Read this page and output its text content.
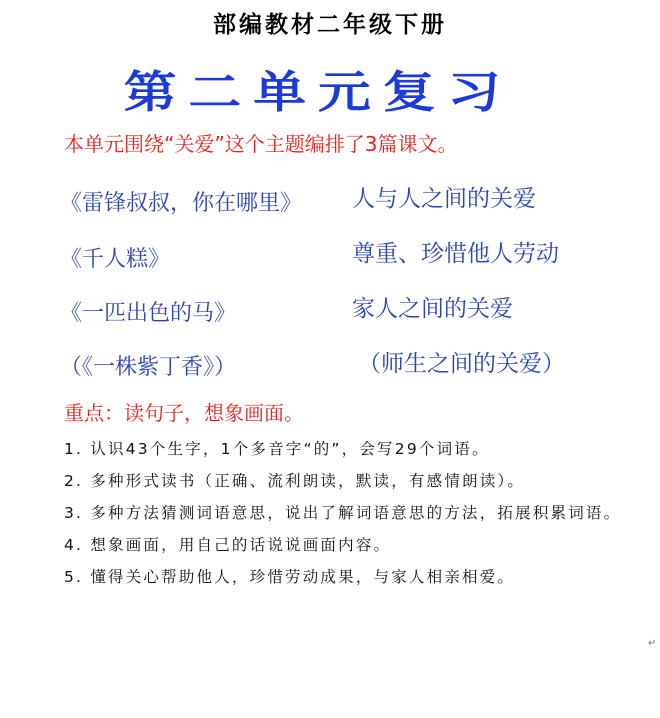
部编教材二年级下册
第二单元复习
本单元围绕“关爱”这个主题编排了3篇课文。
《雷锋叔叔，你在哪里》 人与人之间的关爱
《千人糕》	尊重、珍惜他人劳动
《一匹出色的马》	家人之间的关爱
（《一株紫丁香》）	（师生之间的关爱）
重点：读句子，想象画面。
1. 认识43个生字，1个多音字“的”，会写29个词语。
2. 多种形式读书（正确、流利朗读，默读，有感情朗读）。
3. 多种方法猜测词语意思，说出了解词语意思的方法，拓展积累词语。
4. 想象画面，用自己的话说说画面内容。
5. 懂得关心帮助他人，珍惜劳动成果，与家人相亲相爱。
↵
